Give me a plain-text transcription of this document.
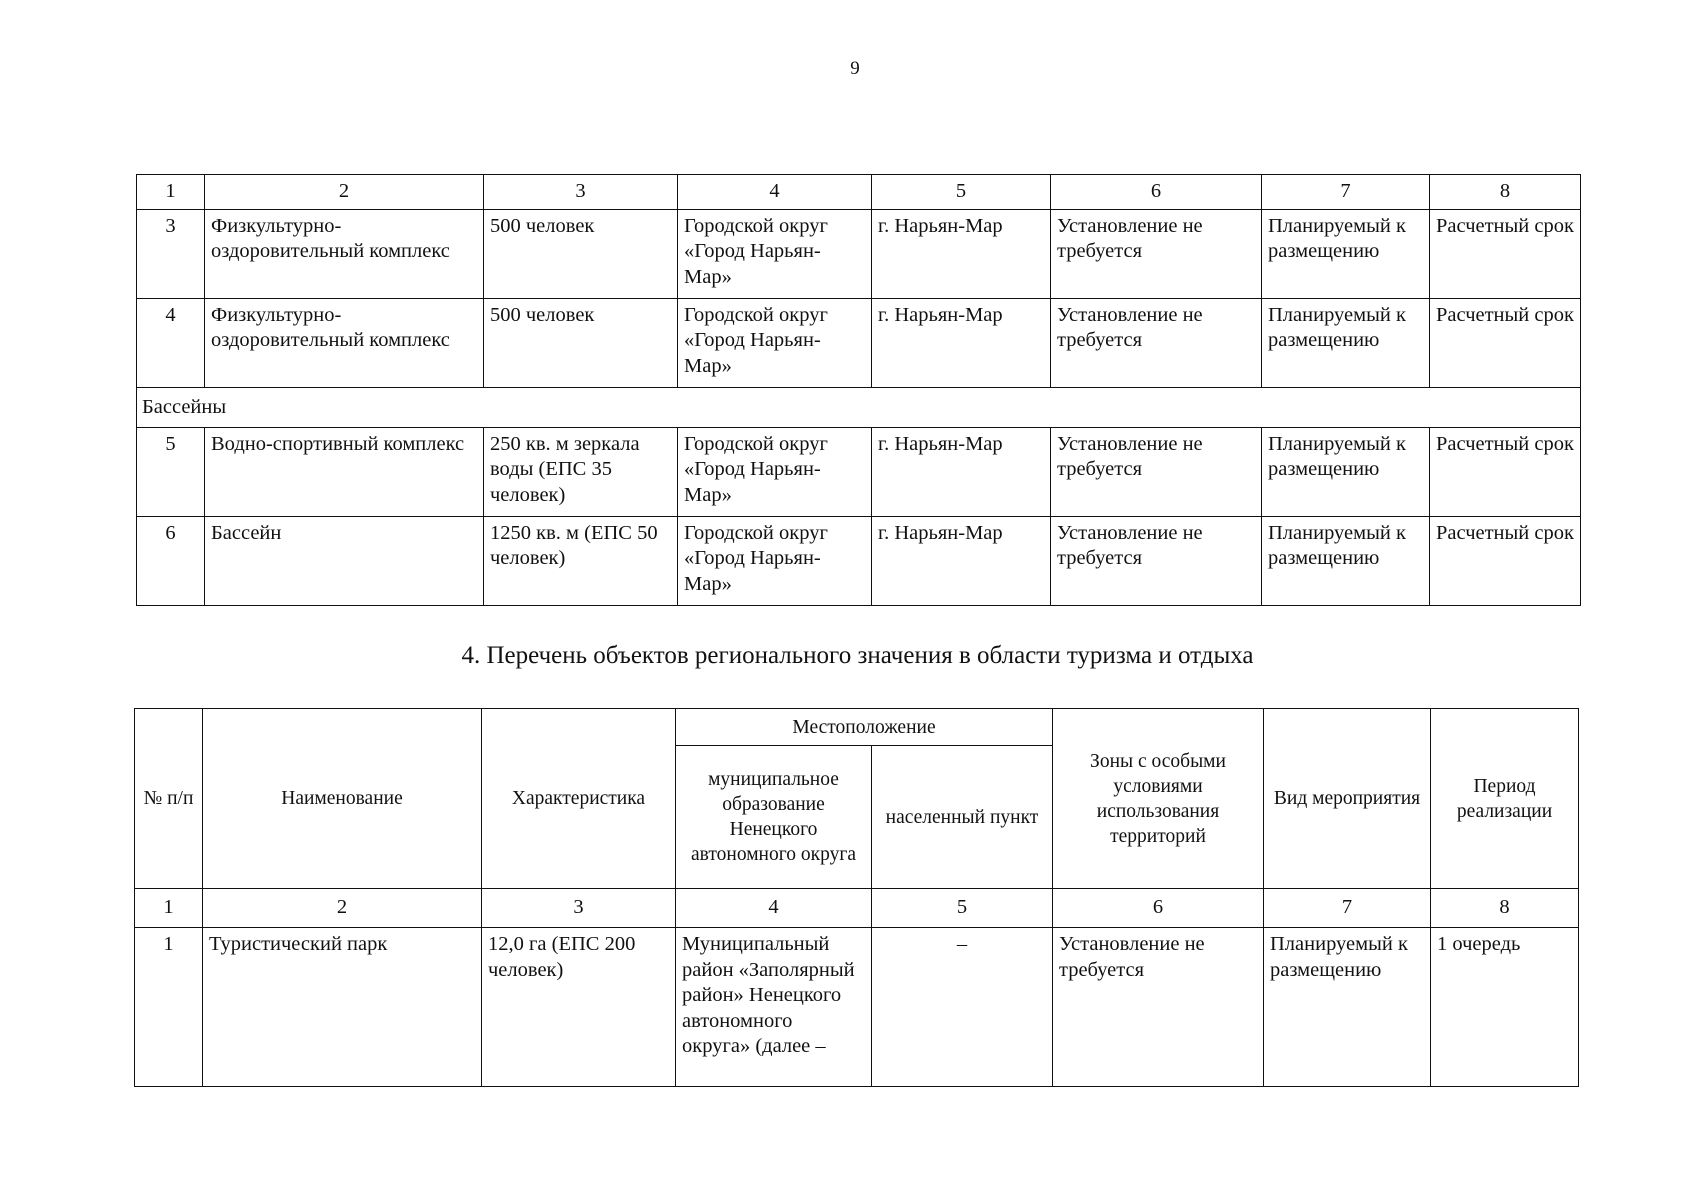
9
1	2	3	4	5	6	7	8
3	Физкультурно-оздоровительный комплекс	500 человек	Городской округ «Город Нарьян-Мар»	г. Нарьян-Мар	Установление не требуется	Планируемый к размещению	Расчетный срок
4	Физкультурно-оздоровительный комплекс	500 человек	Городской округ «Город Нарьян-Мар»	г. Нарьян-Мар	Установление не требуется	Планируемый к размещению	Расчетный срок
Бассейны							
5	Водно-спортивный комплекс	250 кв. м зеркала воды (ЕПС 35 человек)	Городской округ «Город Нарьян-Мар»	г. Нарьян-Мар	Установление не требуется	Планируемый к размещению	Расчетный срок
6	Бассейн	1250 кв. м (ЕПС 50 человек)	Городской округ «Город Нарьян-Мар»	г. Нарьян-Мар	Установление не требуется	Планируемый к размещению	Расчетный срок
4. Перечень объектов регионального значения в области туризма и отдыха
№ п/п	Наименование	Характеристика	Местоположение		Зоны с особыми условиями использования территорий	Вид мероприятия	Период реализации
			муниципальное образование Ненецкого автономного округа	населенный пункт			
1	2	3	4	5	6	7	8
1	Туристический парк	12,0 га (ЕПС 200 человек)	Муниципальный район «Заполярный район» Ненецкого автономного округа» (далее –	–	Установление не требуется	Планируемый к размещению	1 очередь
